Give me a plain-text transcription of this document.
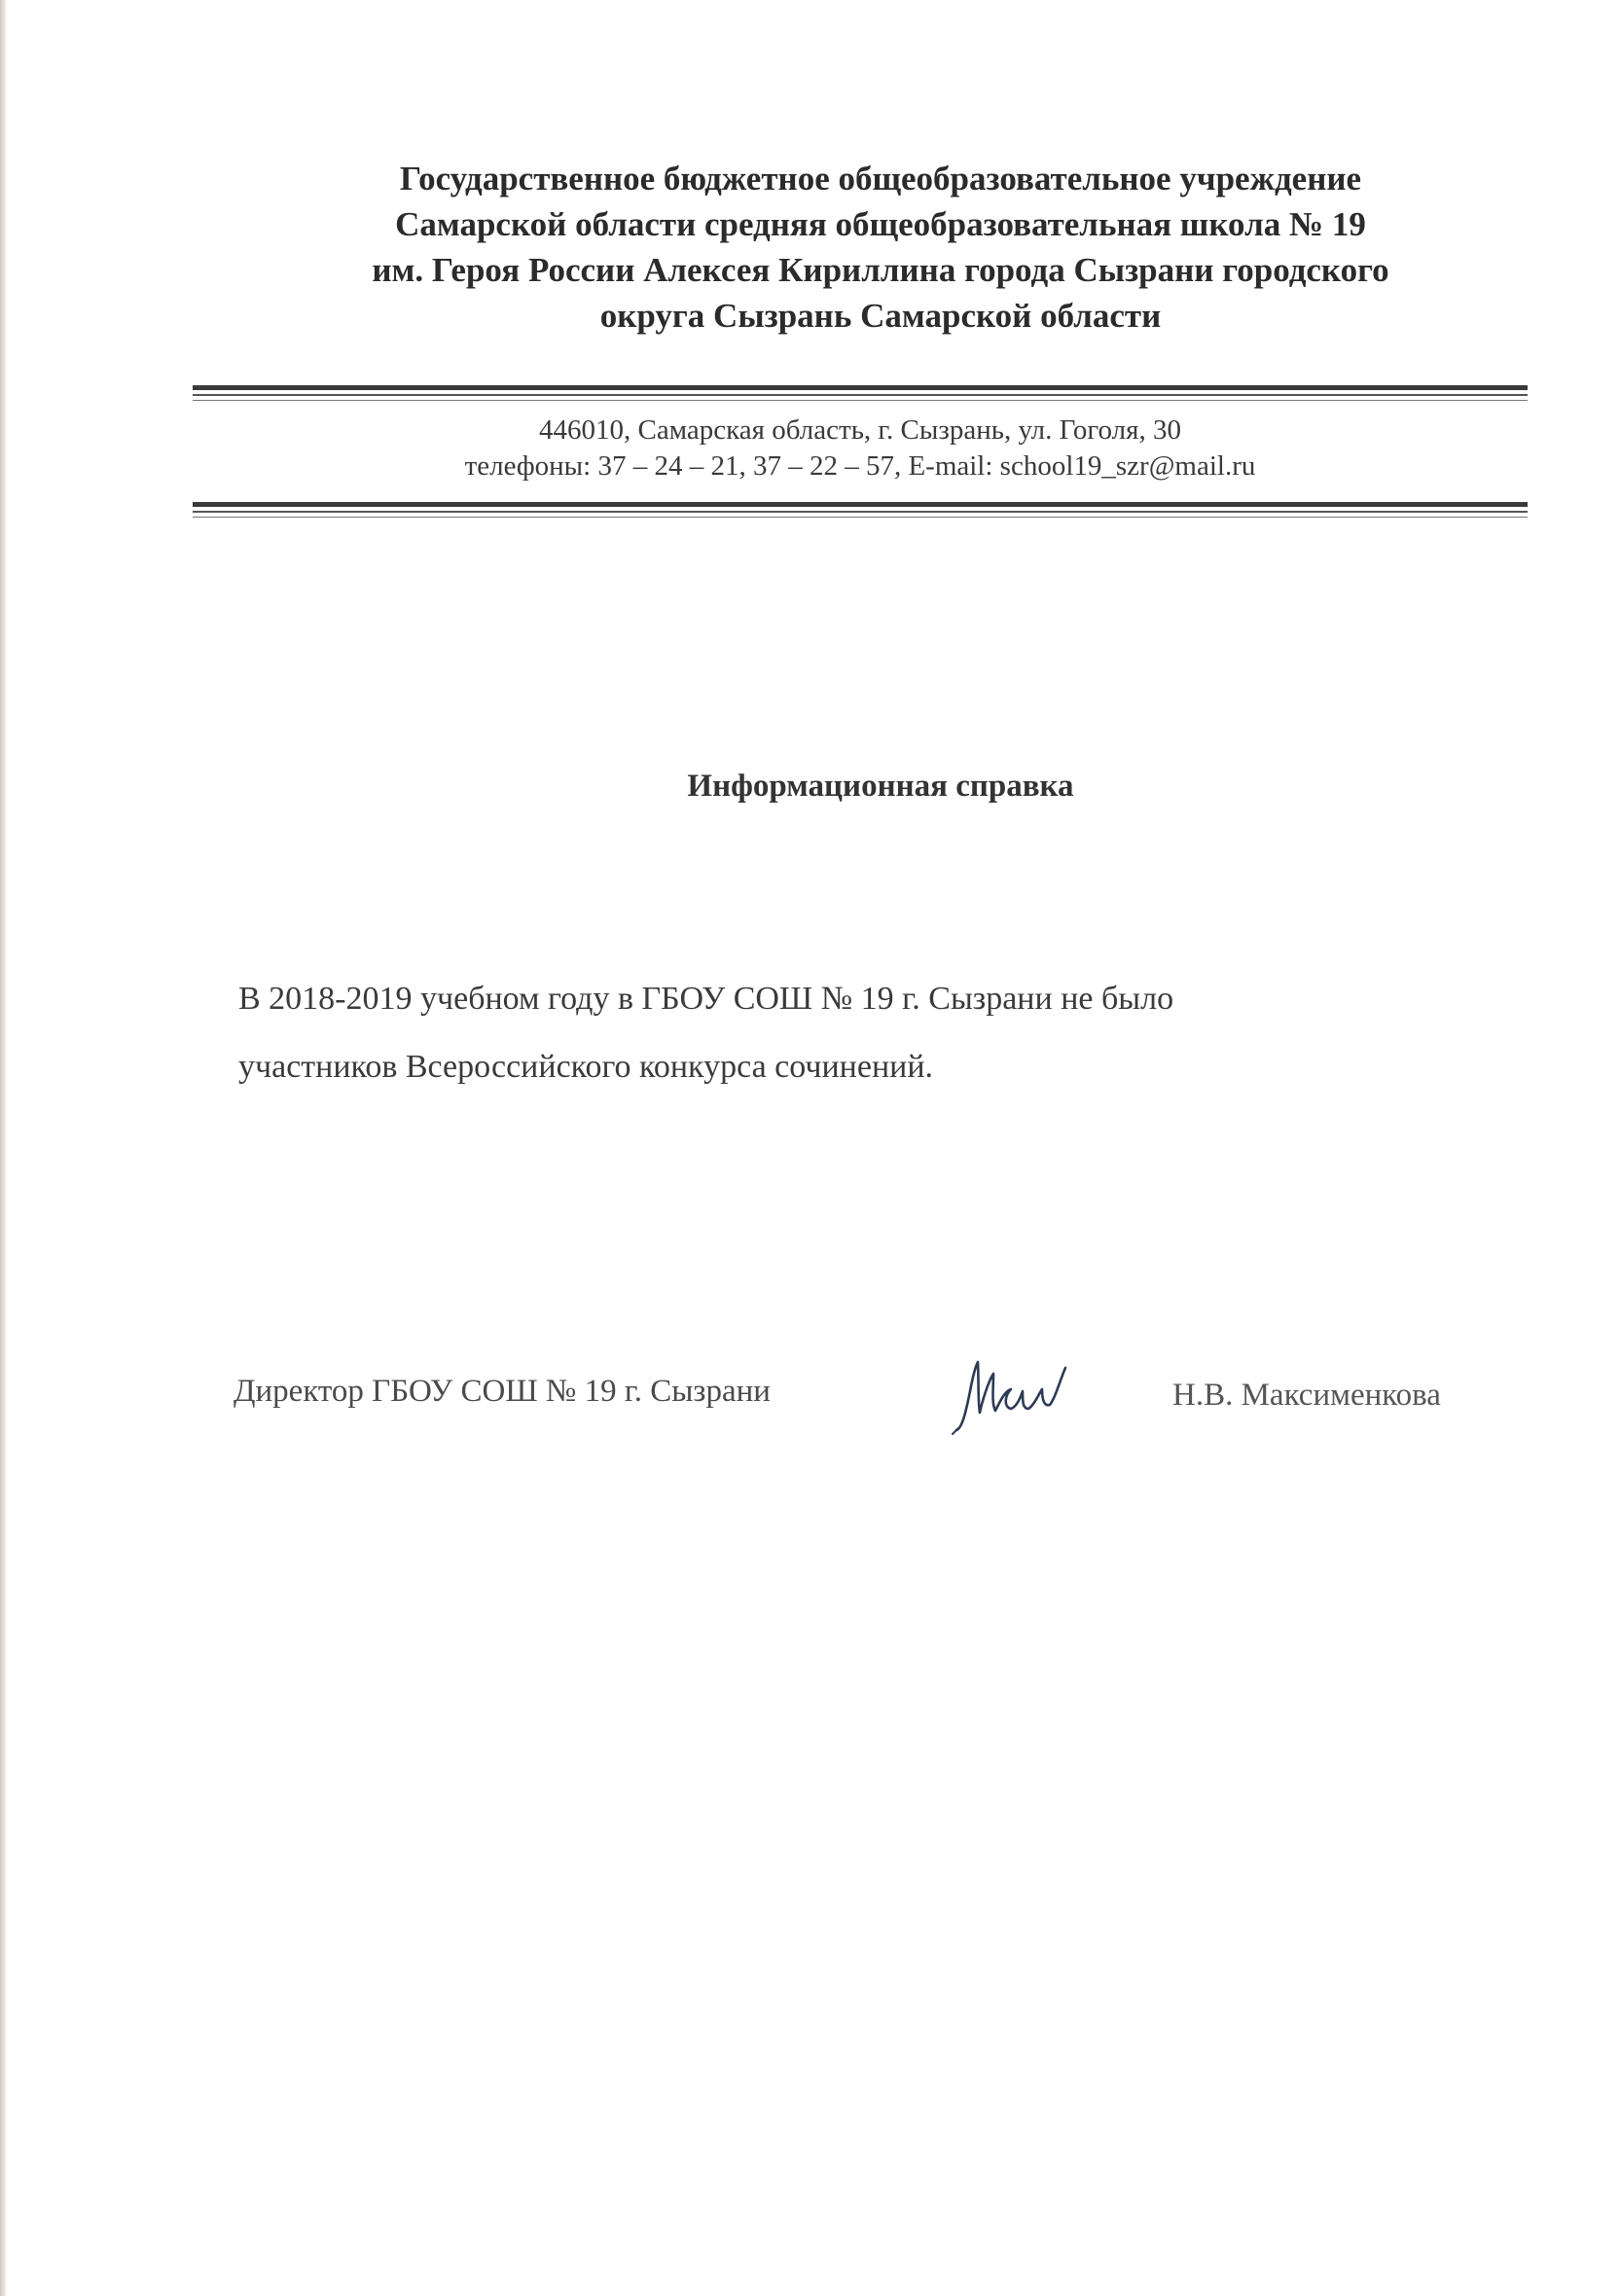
Государственное бюджетное общеобразовательное учреждение
Самарской области средняя общеобразовательная школа № 19
им. Героя России Алексея Кириллина города Сызрани городского
округа Сызрань Самарской области
446010, Самарская область, г. Сызрань, ул. Гоголя, 30
телефоны: 37 – 24 – 21, 37 – 22 – 57, E-mail: school19_szr@mail.ru
Информационная справка
В 2018-2019 учебном году в ГБОУ СОШ № 19 г. Сызрани не было
участников Всероссийского конкурса сочинений.
Директор ГБОУ СОШ № 19 г. Сызрани	Н.В. Максименкова
